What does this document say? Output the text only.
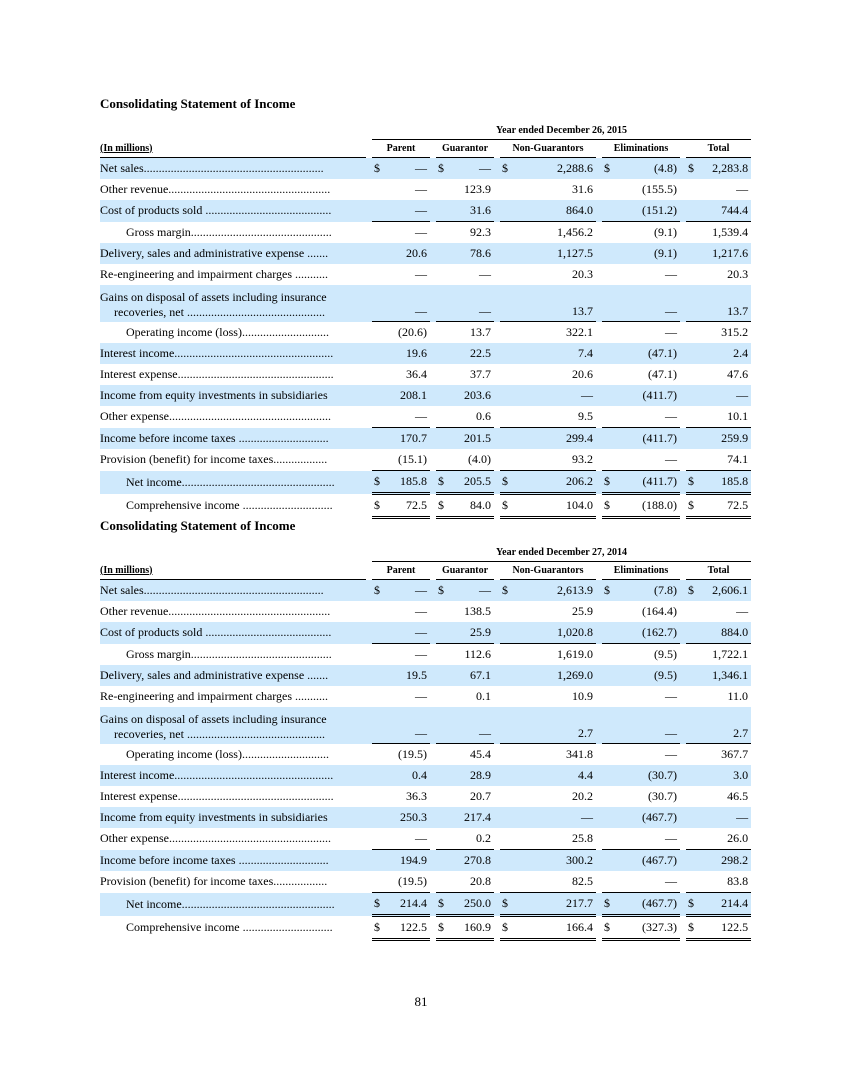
Consolidating Statement of Income
		Year ended December 26, 2015													
(In millions)		Parent			Guarantor			Non-Guarantors			Eliminations			Total	
Net sales............................................................		$	—		$	—		$	2,288.6		$	(4.8)		$	2,283.8
Other revenue......................................................			—			123.9			31.6			(155.5)			—
Cost of products sold ..........................................			—			31.6			864.0			(151.2)			744.4
Gross margin...............................................			—			92.3			1,456.2			(9.1)			1,539.4
Delivery, sales and administrative expense .......			20.6			78.6			1,127.5			(9.1)			1,217.6
Re-engineering and impairment charges ...........			—			—			20.3			—			20.3

Gains on disposal of assets including insurance
recoveries, net ..............................................			—			—			13.7			—			13.7
Operating income (loss).............................			(20.6)			13.7			322.1			—			315.2
Interest income.....................................................			19.6			22.5			7.4			(47.1)			2.4
Interest expense....................................................			36.4			37.7			20.6			(47.1)			47.6
Income from equity investments in subsidiaries			208.1			203.6			—			(411.7)			—
Other expense......................................................			—			0.6			9.5			—			10.1
Income before income taxes ..............................			170.7			201.5			299.4			(411.7)			259.9
Provision (benefit) for income taxes..................			(15.1)			(4.0)			93.2			—			74.1
Net income...................................................		$	185.8		$	205.5		$	206.2		$	(411.7)		$	185.8
Comprehensive income ..............................		$	72.5		$	84.0		$	104.0		$	(188.0)		$	72.5
Consolidating Statement of Income
		Year ended December 27, 2014													
(In millions)		Parent			Guarantor			Non-Guarantors			Eliminations			Total	
Net sales............................................................		$	—		$	—		$	2,613.9		$	(7.8)		$	2,606.1
Other revenue......................................................			—			138.5			25.9			(164.4)			—
Cost of products sold ..........................................			—			25.9			1,020.8			(162.7)			884.0
Gross margin...............................................			—			112.6			1,619.0			(9.5)			1,722.1
Delivery, sales and administrative expense .......			19.5			67.1			1,269.0			(9.5)			1,346.1
Re-engineering and impairment charges ...........			—			0.1			10.9			—			11.0

Gains on disposal of assets including insurance
recoveries, net ..............................................			—			—			2.7			—			2.7
Operating income (loss).............................			(19.5)			45.4			341.8			—			367.7
Interest income.....................................................			0.4			28.9			4.4			(30.7)			3.0
Interest expense....................................................			36.3			20.7			20.2			(30.7)			46.5
Income from equity investments in subsidiaries			250.3			217.4			—			(467.7)			—
Other expense......................................................			—			0.2			25.8			—			26.0
Income before income taxes ..............................			194.9			270.8			300.2			(467.7)			298.2
Provision (benefit) for income taxes..................			(19.5)			20.8			82.5			—			83.8
Net income...................................................		$	214.4		$	250.0		$	217.7		$	(467.7)		$	214.4
Comprehensive income ..............................		$	122.5		$	160.9		$	166.4		$	(327.3)		$	122.5
81
